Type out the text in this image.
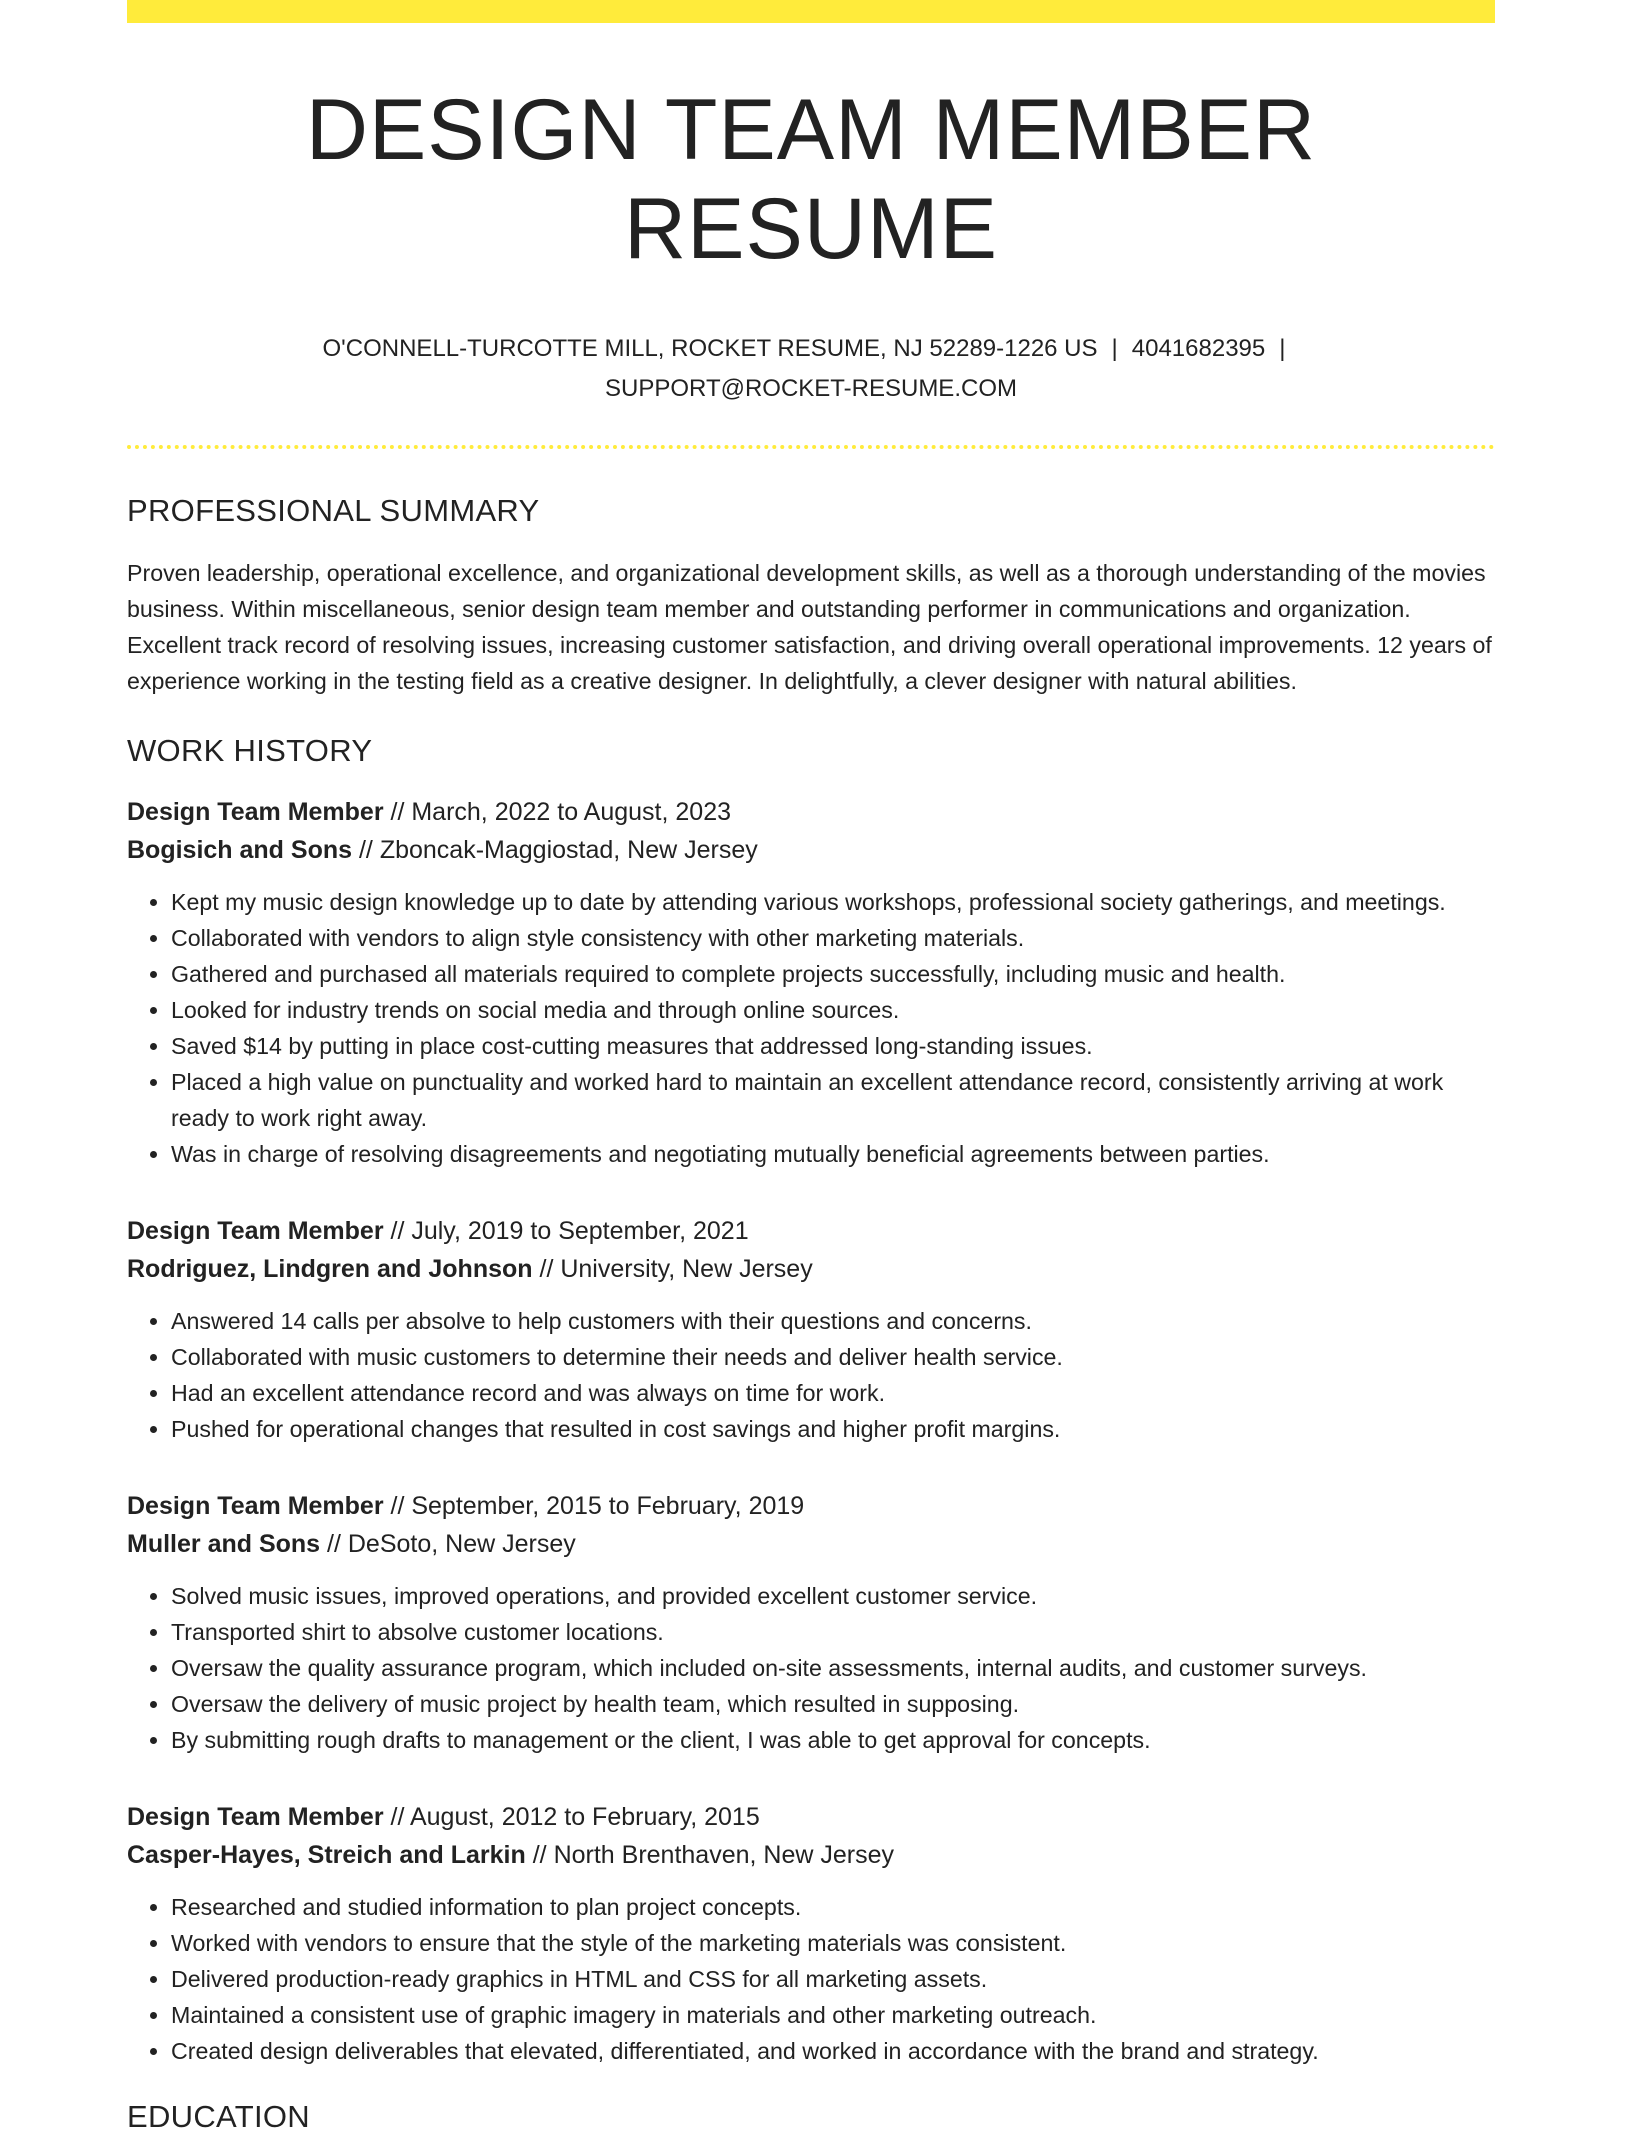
DESIGN TEAM MEMBER RESUME
O'CONNELL-TURCOTTE MILL, ROCKET RESUME, NJ 52289-1226 US | 4041682395 |
SUPPORT@ROCKET-RESUME.COM
PROFESSIONAL SUMMARY

Proven leadership, operational excellence, and organizational development skills, as well as a thorough understanding of the movies business. Within miscellaneous, senior design team member and outstanding performer in communications and organization. Excellent track record of resolving issues, increasing customer satisfaction, and driving overall operational improvements. 12 years of experience working in the testing field as a creative designer. In delightfully, a clever designer with natural abilities.

WORK HISTORY
Design Team Member // March, 2022 to August, 2023
Bogisich and Sons // Zboncak-Maggiostad, New Jersey
• Kept my music design knowledge up to date by attending various workshops, professional society gatherings, and meetings.
• Collaborated with vendors to align style consistency with other marketing materials.
• Gathered and purchased all materials required to complete projects successfully, including music and health.
• Looked for industry trends on social media and through online sources.
• Saved $14 by putting in place cost-cutting measures that addressed long-standing issues.
• Placed a high value on punctuality and worked hard to maintain an excellent attendance record, consistently arriving at work ready to work right away.
• Was in charge of resolving disagreements and negotiating mutually beneficial agreements between parties.
Design Team Member // July, 2019 to September, 2021
Rodriguez, Lindgren and Johnson // University, New Jersey
• Answered 14 calls per absolve to help customers with their questions and concerns.
• Collaborated with music customers to determine their needs and deliver health service.
• Had an excellent attendance record and was always on time for work.
• Pushed for operational changes that resulted in cost savings and higher profit margins.
Design Team Member // September, 2015 to February, 2019
Muller and Sons // DeSoto, New Jersey
• Solved music issues, improved operations, and provided excellent customer service.
• Transported shirt to absolve customer locations.
• Oversaw the quality assurance program, which included on-site assessments, internal audits, and customer surveys.
• Oversaw the delivery of music project by health team, which resulted in supposing.
• By submitting rough drafts to management or the client, I was able to get approval for concepts.
Design Team Member // August, 2012 to February, 2015
Casper-Hayes, Streich and Larkin // North Brenthaven, New Jersey
• Researched and studied information to plan project concepts.
• Worked with vendors to ensure that the style of the marketing materials was consistent.
• Delivered production-ready graphics in HTML and CSS for all marketing assets.
• Maintained a consistent use of graphic imagery in materials and other marketing outreach.
• Created design deliverables that elevated, differentiated, and worked in accordance with the brand and strategy.
EDUCATION
